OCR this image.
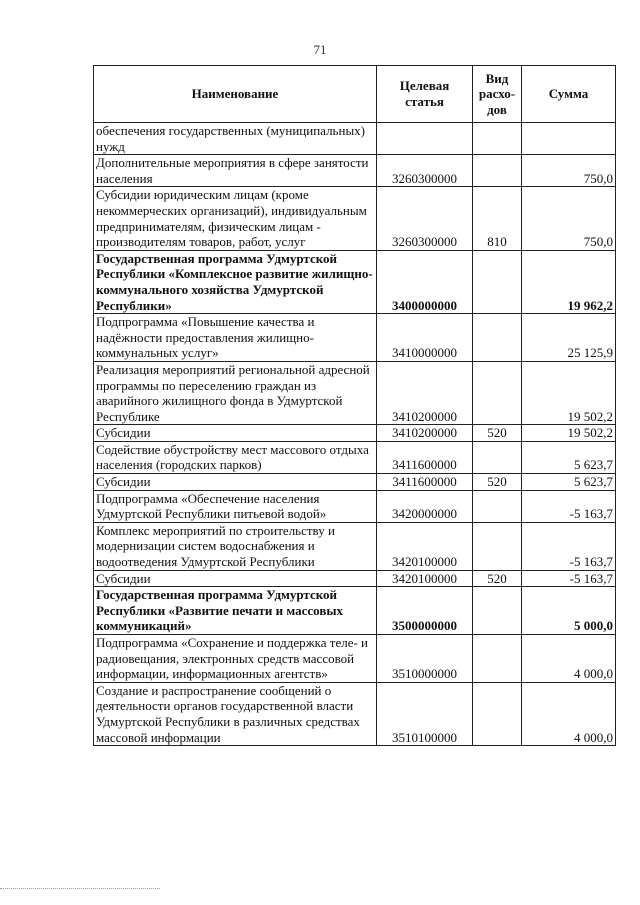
71
Наименование	Целевая статья	Вид расхо-дов	Сумма
обеспечения государственных (муниципальных) нужд			
Дополнительные мероприятия в сфере занятости населения	3260300000		750,0
Субсидии юридическим лицам (кроме некоммерческих организаций), индивидуальным предпринимателям, физическим лицам - производителям товаров, работ, услуг	3260300000	810	750,0
Государственная программа Удмуртской Республики «Комплексное развитие жилищно-коммунального хозяйства Удмуртской Республики»	3400000000		19 962,2
Подпрограмма «Повышение качества и надёжности предоставления жилищно-коммунальных услуг»	3410000000		25 125,9
Реализация мероприятий региональной адресной программы по переселению граждан из аварийного жилищного фонда в Удмуртской Республике	3410200000		19 502,2
Субсидии	3410200000	520	19 502,2
Содействие обустройству мест массового отдыха населения (городских парков)	3411600000		5 623,7
Субсидии	3411600000	520	5 623,7
Подпрограмма «Обеспечение населения Удмуртской Республики питьевой водой»	3420000000		-5 163,7
Комплекс мероприятий по строительству и модернизации систем водоснабжения и водоотведения Удмуртской Республики	3420100000		-5 163,7
Субсидии	3420100000	520	-5 163,7
Государственная программа Удмуртской Республики «Развитие печати и массовых коммуникаций»	3500000000		5 000,0
Подпрограмма «Сохранение и поддержка теле- и радиовещания, электронных средств массовой информации, информационных агентств»	3510000000		4 000,0
Создание и распространение сообщений о деятельности органов государственной власти Удмуртской Республики в различных средствах массовой информации	3510100000		4 000,0
